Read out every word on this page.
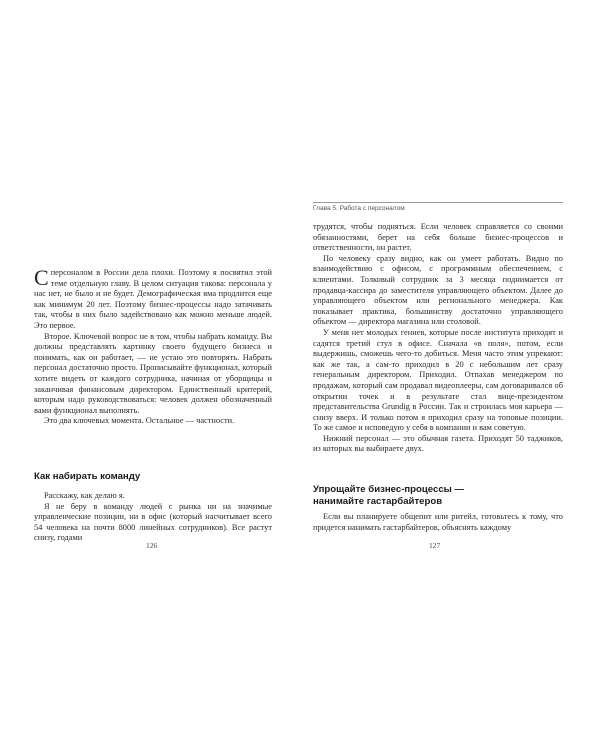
Сперсоналом в России дела плохи. Поэтому я посвятил этой теме отдельную главу. В целом ситуация такова: персонала у нас нет, не было и не будет. Демографическая яма продлится еще как минимум 20 лет. Поэтому бизнес-процессы надо затачивать так, чтобы в них было задействовано как можно меньше людей. Это первое.

Второе. Ключевой вопрос не в том, чтобы набрать команду. Вы должны представлять картинку своего будущего бизнеса и понимать, как он работает, — не устаю это повторять. Набрать персонал достаточно просто. Прописывайте функционал, который хотите видеть от каждого сотрудника, начиная от уборщицы и заканчивая финансовым директором. Единственный критерий, которым надо руководствоваться: человек должен обозначенный вами функционал выполнять.

Это два ключевых момента. Остальное — частности.

Как набирать команду

Расскажу, как делаю я.

Я не беру в команду людей с рынка ни на значимые управленческие позиции, ни в офис (который насчитывает всего 54 человека на почти 8000 линейных сотрудников). Все растут снизу, годами

126
Глава 5. Работа с персоналом

трудятся, чтобы подняться. Если человек справляется со своими обязанностями, берет на себя больше бизнес-процессов и ответственности, он растет.

По человеку сразу видно, как он умеет работать. Видно по взаимодействию с офисом, с программным обеспечением, с клиентами. Толковый сотрудник за 3 месяца поднимается от продавца-кассира до заместителя управляющего объектом. Далее до управляющего объектом или регионального менеджера. Как показывает практика, большинству достаточно управляющего объектом — директора магазина или столовой.

У меня нет молодых гениев, которые после института приходят и садятся третий стул в офисе. Сначала «в поля», потом, если выдержишь, сможешь чего-то добиться. Меня часто этим упрекают: как же так, а сам-то приходил в 20 с небольшим лет сразу генеральным директором. Приходил. Отпахав менеджером по продажам, который сам продавал видеоплееры, сам договаривался об открытии точек и в результате стал вице-президентом представительства Grundig в России. Так и строилась моя карьера — снизу вверх. И только потом я приходил сразу на топовые позиции. То же самое и исповедую у себя в компании и вам советую.

Нижний персонал — это обычная газета. Приходят 50 таджиков, из которых вы выбираете двух.

Упрощайте бизнес-процессы —
нанимайте гастарбайтеров

Если вы планируете общепит или ритейл, готовьтесь к тому, что придется нанимать гастарбайтеров, объяснять каждому

127
